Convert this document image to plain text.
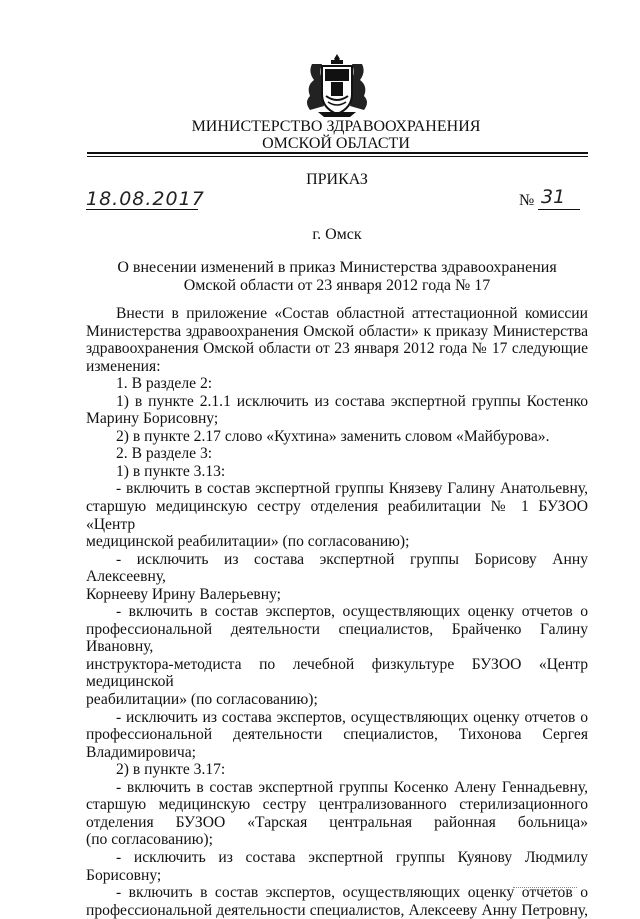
МИНИСТЕРСТВО ЗДРАВООХРАНЕНИЯ
ОМСКОЙ ОБЛАСТИ
ПРИКАЗ
18.08.2017	№ 31
г. Омск
О внесении изменений в приказ Министерства здравоохранения
Омской области от 23 января 2012 года № 17
Внести в приложение «Состав областной аттестационной комиссии
Министерства здравоохранения Омской области» к приказу Министерства
здравоохранения Омской области от 23 января 2012 года № 17 следующие
изменения:
1. В разделе 2:
1) в пункте 2.1.1 исключить из состава экспертной группы Костенко
Марину Борисовну;
2) в пункте 2.17 слово «Кухтина» заменить словом «Майбурова».
2. В разделе 3:
1) в пункте 3.13:
- включить в состав экспертной группы Князеву Галину Анатольевну,
старшую медицинскую сестру отделения реабилитации № 1 БУЗОО «Центр
медицинской реабилитации» (по согласованию);
- исключить из состава экспертной группы Борисову Анну Алексеевну,
Корнееву Ирину Валерьевну;
- включить в состав экспертов, осуществляющих оценку отчетов о
профессиональной деятельности специалистов, Брайченко Галину Ивановну,
инструктора-методиста по лечебной физкультуре БУЗОО «Центр медицинской
реабилитации» (по согласованию);
- исключить из состава экспертов, осуществляющих оценку отчетов о
профессиональной деятельности специалистов, Тихонова Сергея
Владимировича;
2) в пункте 3.17:
- включить в состав экспертной группы Косенко Алену Геннадьевну,
старшую медицинскую сестру централизованного стерилизационного
отделения БУЗОО «Тарская центральная районная больница»
(по согласованию);
- исключить из состава экспертной группы Куянову Людмилу Борисовну;
- включить в состав экспертов, осуществляющих оценку отчетов о
профессиональной деятельности специалистов, Алексееву Анну Петровну,
